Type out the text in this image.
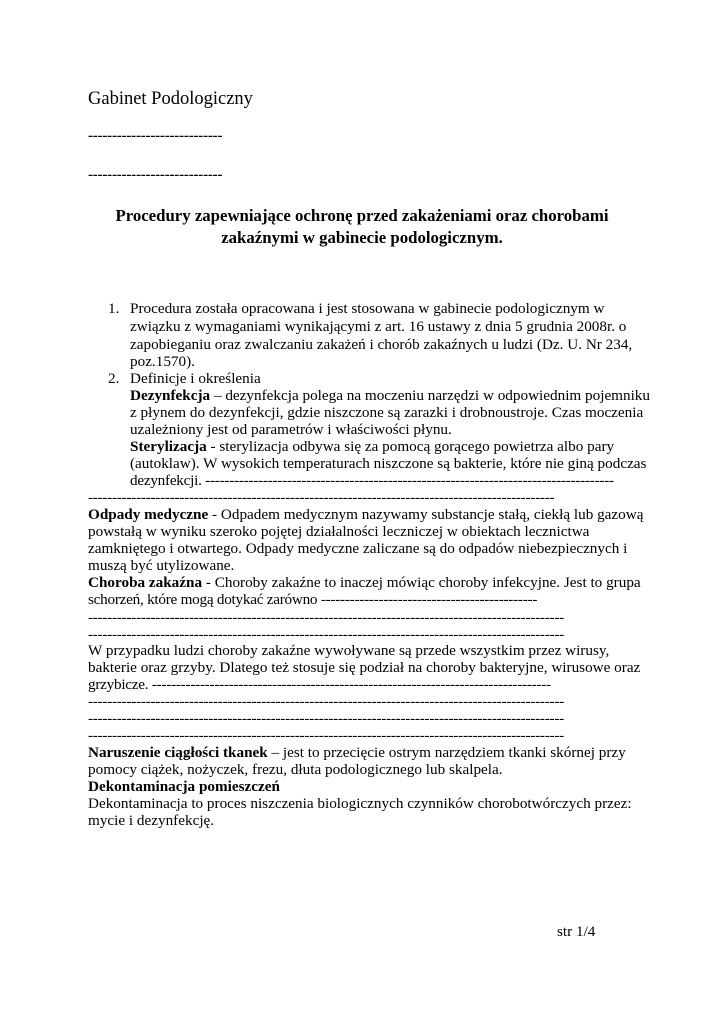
Gabinet Podologiczny
----------------------------
----------------------------
Procedury zapewniające ochronę przed zakażeniami oraz chorobami
zakaźnymi w gabinecie podologicznym.
1. Procedura została opracowana i jest stosowana w gabinecie podologicznym w
związku z wymaganiami wynikającymi z art. 16 ustawy z dnia 5 grudnia 2008r. o
zapobieganiu oraz zwalczaniu zakażeń i chorób zakaźnych u ludzi (Dz. U. Nr 234,
poz.1570).
2. Definicje i określenia
Dezynfekcja – dezynfekcja polega na moczeniu narzędzi w odpowiednim pojemniku
z płynem do dezynfekcji, gdzie niszczone są zarazki i drobnoustroje. Czas moczenia
uzależniony jest od parametrów i właściwości płynu.
Sterylizacja - sterylizacja odbywa się za pomocą gorącego powietrza albo pary
(autoklaw). W wysokich temperaturach niszczone są bakterie, które nie giną podczas
dezynfekcji. -------------------------------------------------------------------------------------
-------------------------------------------------------------------------------------------------
Odpady medyczne - Odpadem medycznym nazywamy substancje stałą, ciekłą lub gazową
powstałą w wyniku szeroko pojętej działalności leczniczej w obiektach lecznictwa
zamkniętego i otwartego. Odpady medyczne zaliczane są do odpadów niebezpiecznych i
muszą być utylizowane.
Choroba zakaźna - Choroby zakaźne to inaczej mówiąc choroby infekcyjne. Jest to grupa
schorzeń, które mogą dotykać zarówno ---------------------------------------------
---------------------------------------------------------------------------------------------------
---------------------------------------------------------------------------------------------------
W przypadku ludzi choroby zakaźne wywoływane są przede wszystkim przez wirusy,
bakterie oraz grzyby. Dlatego też stosuje się podział na choroby bakteryjne, wirusowe oraz
grzybicze. -----------------------------------------------------------------------------------
---------------------------------------------------------------------------------------------------
---------------------------------------------------------------------------------------------------
---------------------------------------------------------------------------------------------------
Naruszenie ciągłości tkanek – jest to przecięcie ostrym narzędziem tkanki skórnej przy
pomocy ciążek, nożyczek, frezu, dłuta podologicznego lub skalpela.
Dekontaminacja pomieszczeń
Dekontaminacja to proces niszczenia biologicznych czynników chorobotwórczych przez:
mycie i dezynfekcję.
str 1/4
